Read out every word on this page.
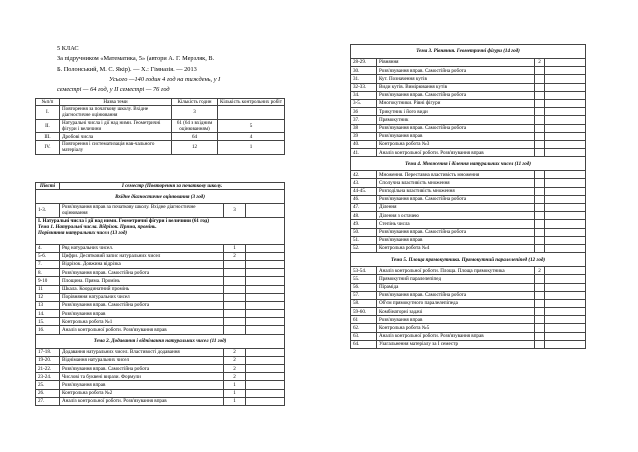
5 КЛАС
За підручником «Математика, 5» (автори А. Г. Мерзляк, В.
Б. Полонський, М. С. Якір). — Х.: Гімназія. — 2013
Усього —140 годин 4 год на тиждень, у І
семестрі — 64 год, у ІІ семестрі — 76 год
№п/п	Назва теми	Кількість годин	Кількість контрольних робіт
І.	Повторення за початкову школу. Вхідне діагностичне оцінювання	3	
ІІ.	Натуральні числа і дії над ними. Геометричні фігури і величини	61 (64 з вхідним оцінюванням)	5
ІІІ.	Дробові числа	64	4
IV.	Повторення і систематизація нав-чального матеріалу	12	1
Півсті	І семестр (Повторення за початкову школу.		
Вхідне діагностичне оцінювання (3 год)			
1-3.	Розв'язування вправ за початкову школу. Вхідне діагностичне оцінювання	3	

І. Натуральні числа і дії над ними. Геометричні фігури і величини (61 год)
Тема 1. Натуральні числа. Відрізок. Пряма, промінь.
Порівняння натуральних чисел (13 год)			

4.	Ряд натуральних чисел.	1	
5-6.	Цифри. Десятковий запис натуральних чисел	2	
7.	Відрізок. Довжина відрізка		
8.	Розв'язування вправ. Самостійна робота		
9-10	Площина. Пряма. Промінь		
11	Шкала. Координатний промінь		
12	Порівняння натуральних чисел		
13	Розв'язування вправ. Самостійна робота		
14.	Розв'язування вправ		
15.	Контрольна робота №1		
16.	Аналіз контрольної роботи. Розв'язування вправ		
Тема 2. Додавання і віднімання натуральних чисел (11 год)			
17-18.	Додавання натуральних чисел. Властивості додавання	2	
19-20.	Віднімання натуральних чисел	2	
21-22.	Розв'язування вправ. Самостійна робота	2	
23-24.	Числові та буквені вирази. Формули	2	
25.	Розв'язування вправ	1	
26.	Контрольна робота №2	1	
27.	Аналіз контрольної роботи. Розв'язування вправ	1	
Тема 3. Рівняння. Геометричні фігури (14 год)			
28-29.	Рівняння	2	
30.	Розв'язування вправ. Самостійна робота		
31.	Кут. Позначення кутів		
32-33.	Види кутів. Вимірювання кутів		
34.	Розв'язування вправ. Самостійна робота		
3-5.	Многокутники. Рівні фігури		
36	Трикутник і його види		
37.	Прямокутник		
38	Розв'язування вправ. Самостійна робота		
39	Розв'язування вправ		
40.	Контрольна робота №3		
41.	Аналіз контрольної роботи. Розв'язування вправ		
Тема 4. Множення і ділення натуральних чисел (11 год)			
42.	Множення. Переставна властивість множення		
43.	Сполучна властивість множення		
44-45.	Розподільна властивість множення		
46.	Розв'язування вправ. Самостійна робота		
47.	Ділення		
48.	Ділення з остачею		
49.	Степінь числа		
50.	Розв'язування вправ. Самостійна робота		
51.	Розв'язування вправ		
52.	Контрольна робота №4		
Тема 5. Площа прямокутника. Прямокутний паралелепіпед (12 год)			
53-54.	Аналіз контрольної роботи. Площа. Площа прямокутника	2	
55.	Прямокутний паралелепіпед		
56.	Піраміда		
57.	Розв'язування вправ. Самостійна робота		
58.	Об'єм прямокутного паралелепіпеда		
59-60.	Комбінаторні задачі		
61	Розв'язування вправ		
62.	Контрольна робота №5		
63.	Аналіз контрольної роботи. Розв'язування вправ		
64.	Узагальнення матеріалу за І семестр		
